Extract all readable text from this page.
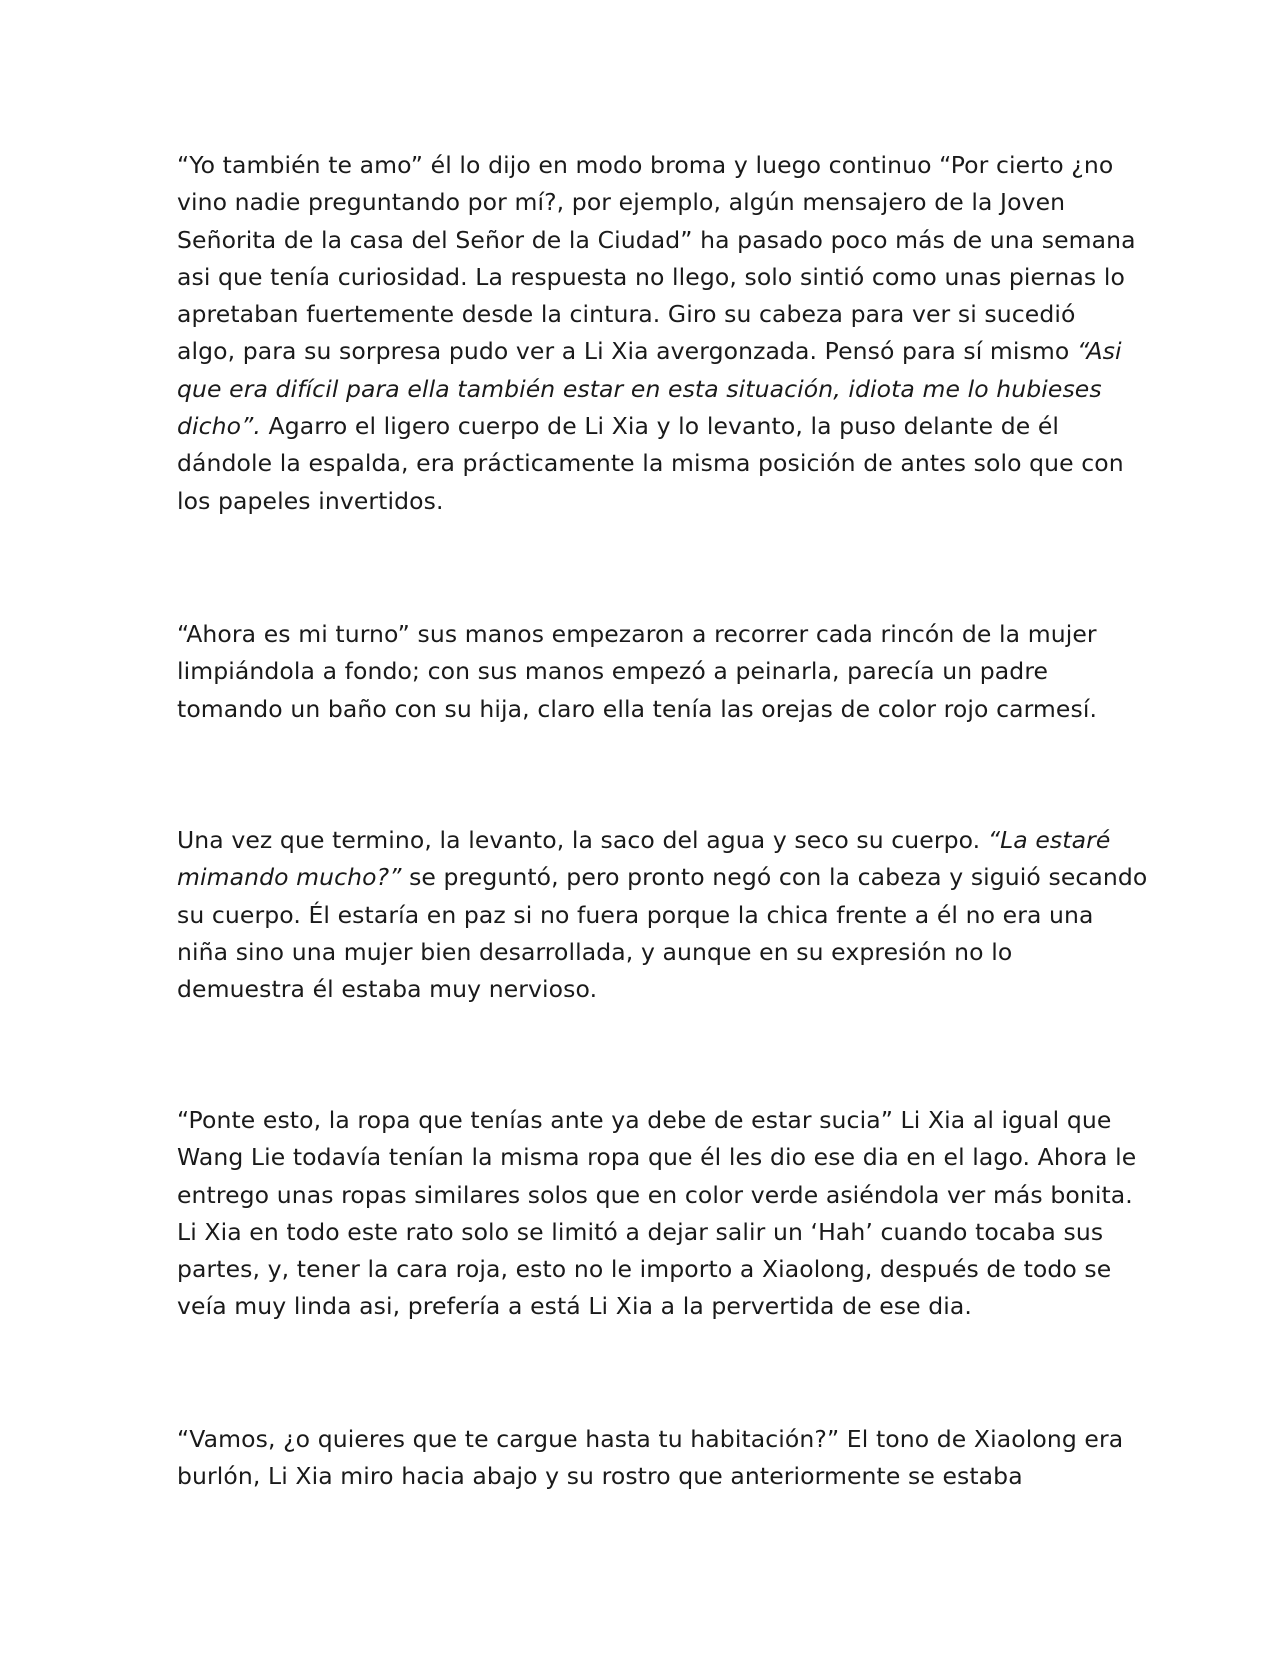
“Yo también te amo” él lo dijo en modo broma y luego continuo “Por cierto ¿no
vino nadie preguntando por mí?, por ejemplo, algún mensajero de la Joven
Señorita de la casa del Señor de la Ciudad” ha pasado poco más de una semana
asi que tenía curiosidad. La respuesta no llego, solo sintió como unas piernas lo
apretaban fuertemente desde la cintura. Giro su cabeza para ver si sucedió
algo, para su sorpresa pudo ver a Li Xia avergonzada. Pensó para sí mismo “Asi
que era difícil para ella también estar en esta situación, idiota me lo hubieses
dicho”. Agarro el ligero cuerpo de Li Xia y lo levanto, la puso delante de él
dándole la espalda, era prácticamente la misma posición de antes solo que con
los papeles invertidos.

“Ahora es mi turno” sus manos empezaron a recorrer cada rincón de la mujer
limpiándola a fondo; con sus manos empezó a peinarla, parecía un padre
tomando un baño con su hija, claro ella tenía las orejas de color rojo carmesí.

Una vez que termino, la levanto, la saco del agua y seco su cuerpo. “La estaré
mimando mucho?” se preguntó, pero pronto negó con la cabeza y siguió secando
su cuerpo. Él estaría en paz si no fuera porque la chica frente a él no era una
niña sino una mujer bien desarrollada, y aunque en su expresión no lo
demuestra él estaba muy nervioso.

“Ponte esto, la ropa que tenías ante ya debe de estar sucia” Li Xia al igual que
Wang Lie todavía tenían la misma ropa que él les dio ese dia en el lago. Ahora le
entrego unas ropas similares solos que en color verde asiéndola ver más bonita.
Li Xia en todo este rato solo se limitó a dejar salir un ‘Hah’ cuando tocaba sus
partes, y, tener la cara roja, esto no le importo a Xiaolong, después de todo se
veía muy linda asi, prefería a está Li Xia a la pervertida de ese dia.

“Vamos, ¿o quieres que te cargue hasta tu habitación?” El tono de Xiaolong era
burlón, Li Xia miro hacia abajo y su rostro que anteriormente se estaba
